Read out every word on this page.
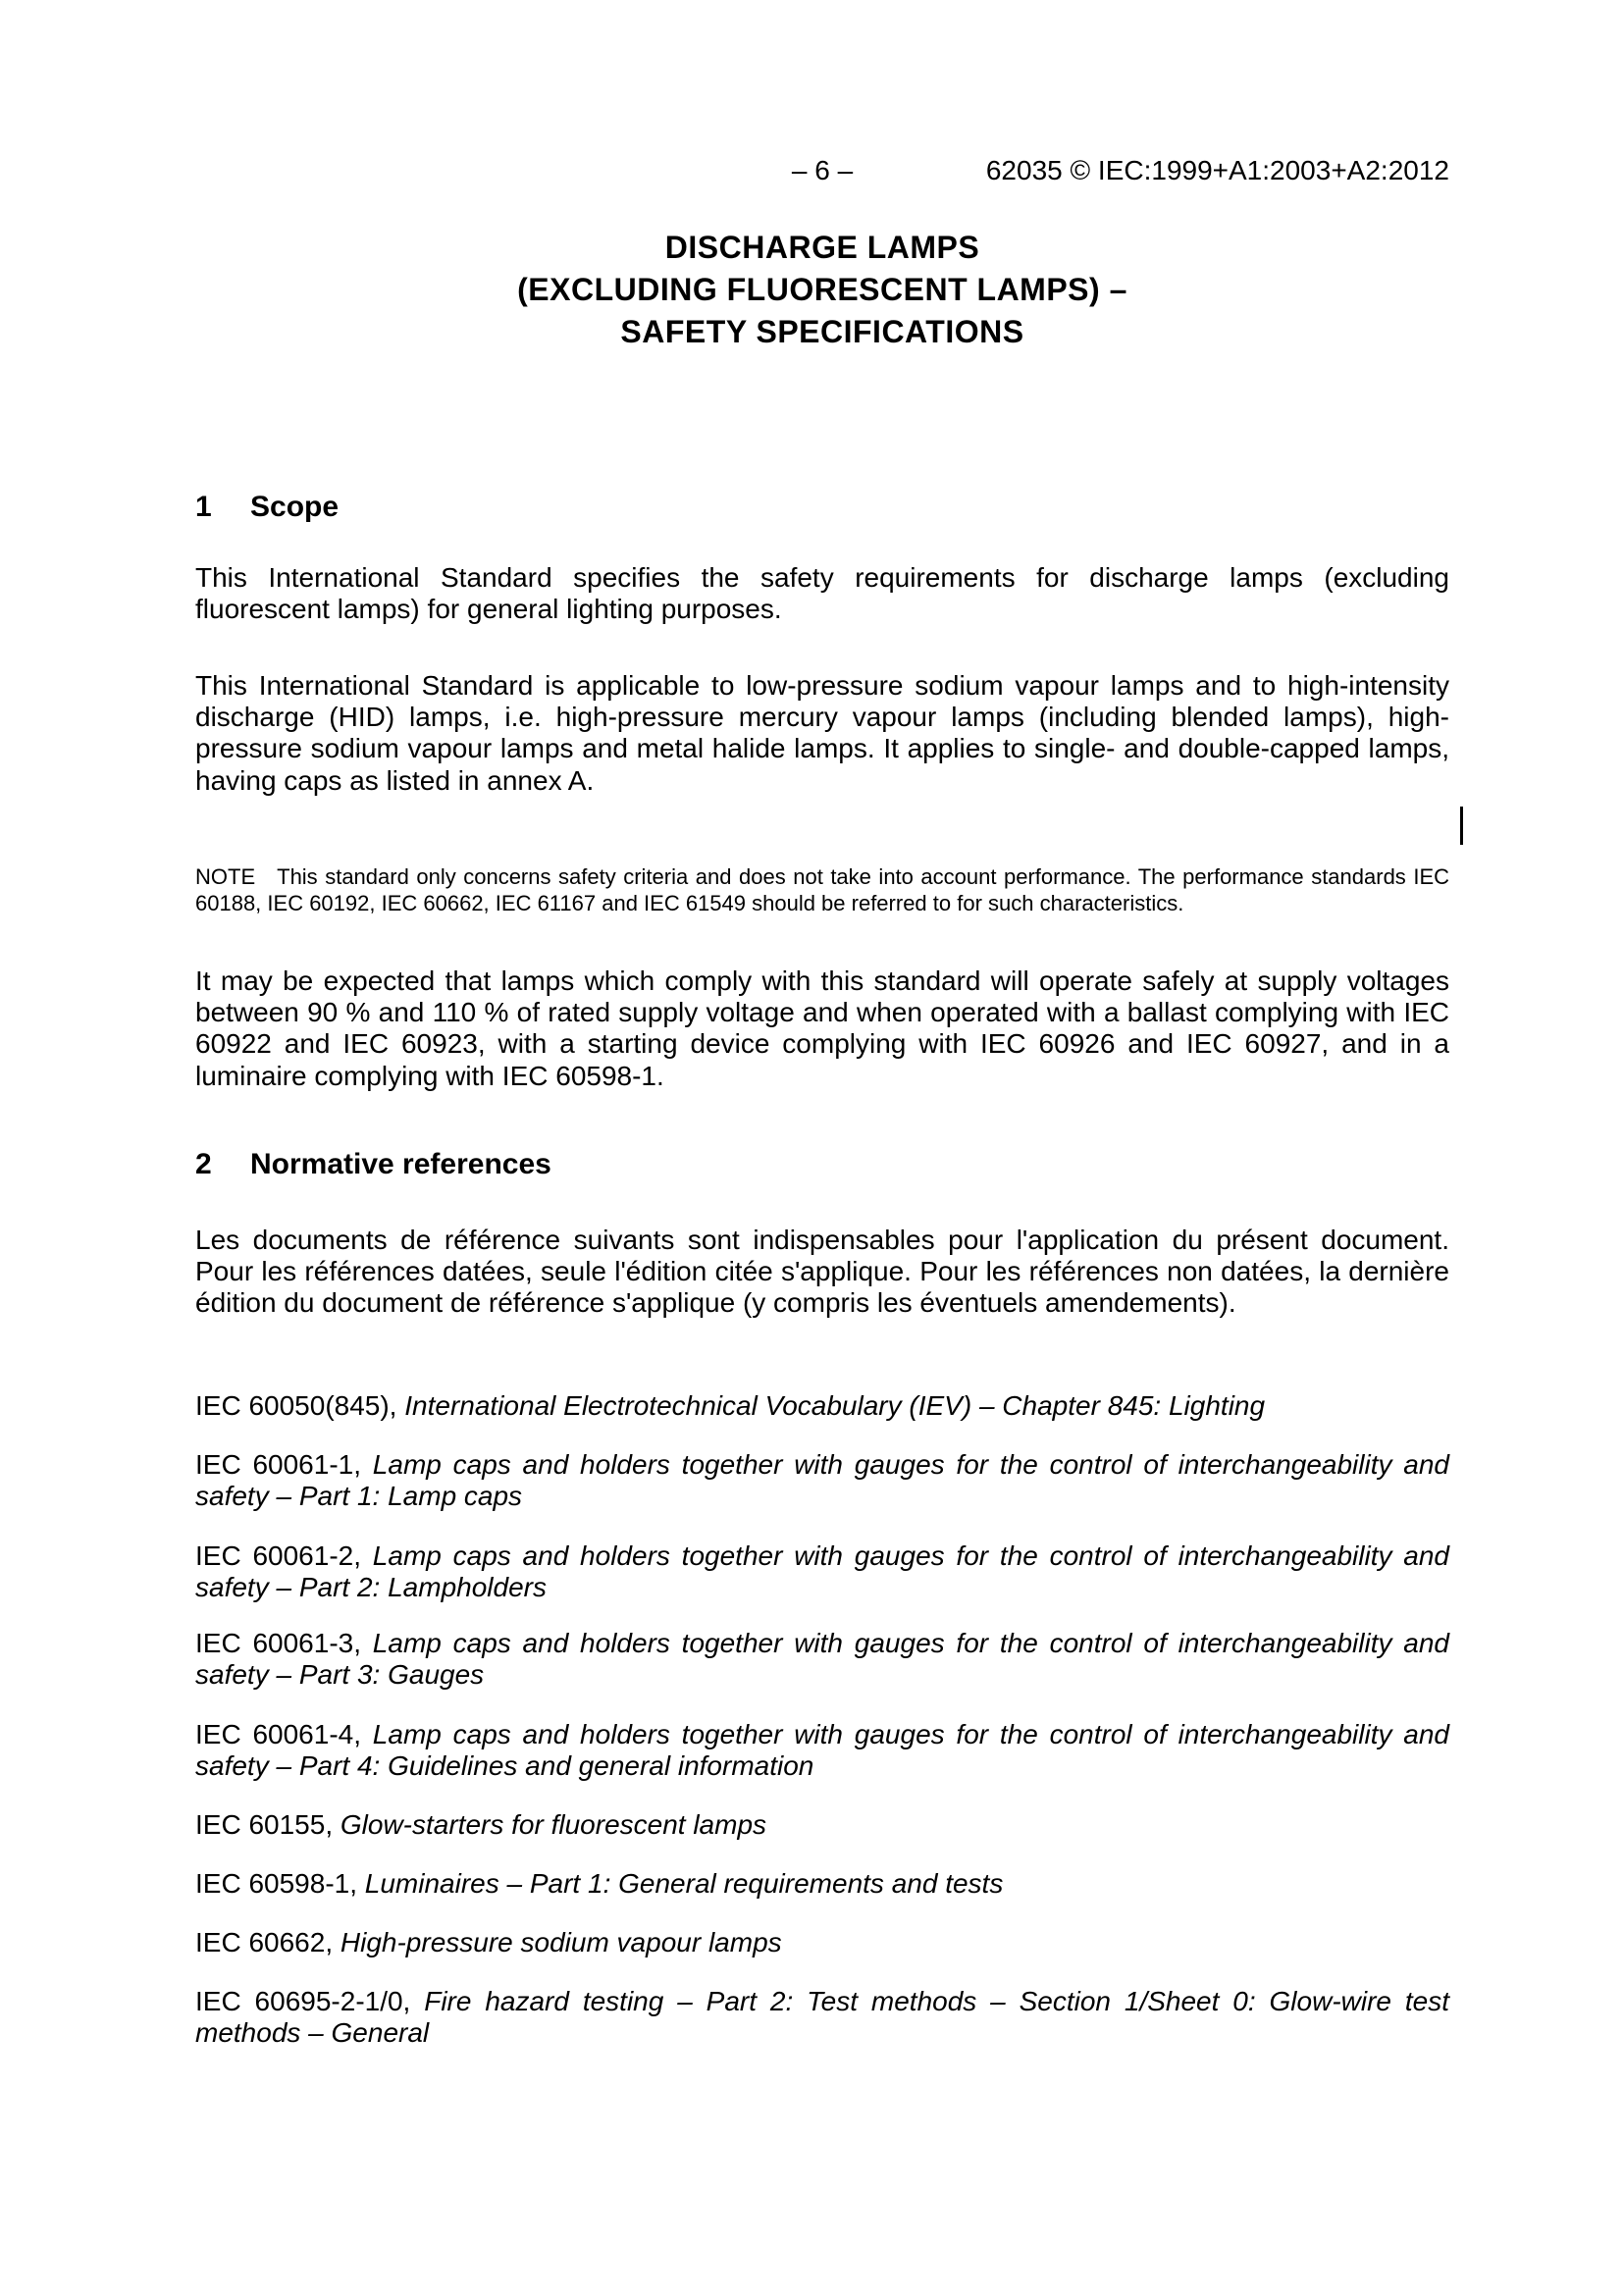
– 6 –	62035 © IEC:1999+A1:2003+A2:2012
DISCHARGE LAMPS
(EXCLUDING FLUORESCENT LAMPS) –
SAFETY SPECIFICATIONS
1 Scope

This International Standard specifies the safety requirements for discharge lamps (excluding fluorescent lamps) for general lighting purposes.

This International Standard is applicable to low-pressure sodium vapour lamps and to high-intensity discharge (HID) lamps, i.e. high-pressure mercury vapour lamps (including blended lamps), high-pressure sodium vapour lamps and metal halide lamps. It applies to single- and double-capped lamps, having caps as listed in annex A.

NOTE This standard only concerns safety criteria and does not take into account performance. The performance standards IEC 60188, IEC 60192, IEC 60662, IEC 61167 and IEC 61549 should be referred to for such characteristics.

It may be expected that lamps which comply with this standard will operate safely at supply voltages between 90 % and 110 % of rated supply voltage and when operated with a ballast complying with IEC 60922 and IEC 60923, with a starting device complying with IEC 60926 and IEC 60927, and in a luminaire complying with IEC 60598-1.

2 Normative references

Les documents de référence suivants sont indispensables pour l'application du présent document. Pour les références datées, seule l'édition citée s'applique. Pour les références non datées, la dernière édition du document de référence s'applique (y compris les éventuels amendements).

IEC 60050(845), International Electrotechnical Vocabulary (IEV) – Chapter 845: Lighting

IEC 60061-1, Lamp caps and holders together with gauges for the control of interchangeability and safety – Part 1: Lamp caps

IEC 60061-2, Lamp caps and holders together with gauges for the control of interchangeability and safety – Part 2: Lampholders

IEC 60061-3, Lamp caps and holders together with gauges for the control of interchangeability and safety – Part 3: Gauges

IEC 60061-4, Lamp caps and holders together with gauges for the control of interchangeability and safety – Part 4: Guidelines and general information

IEC 60155, Glow-starters for fluorescent lamps

IEC 60598-1, Luminaires – Part 1: General requirements and tests

IEC 60662, High-pressure sodium vapour lamps

IEC 60695-2-1/0, Fire hazard testing – Part 2: Test methods – Section 1/Sheet 0: Glow-wire test methods – General
